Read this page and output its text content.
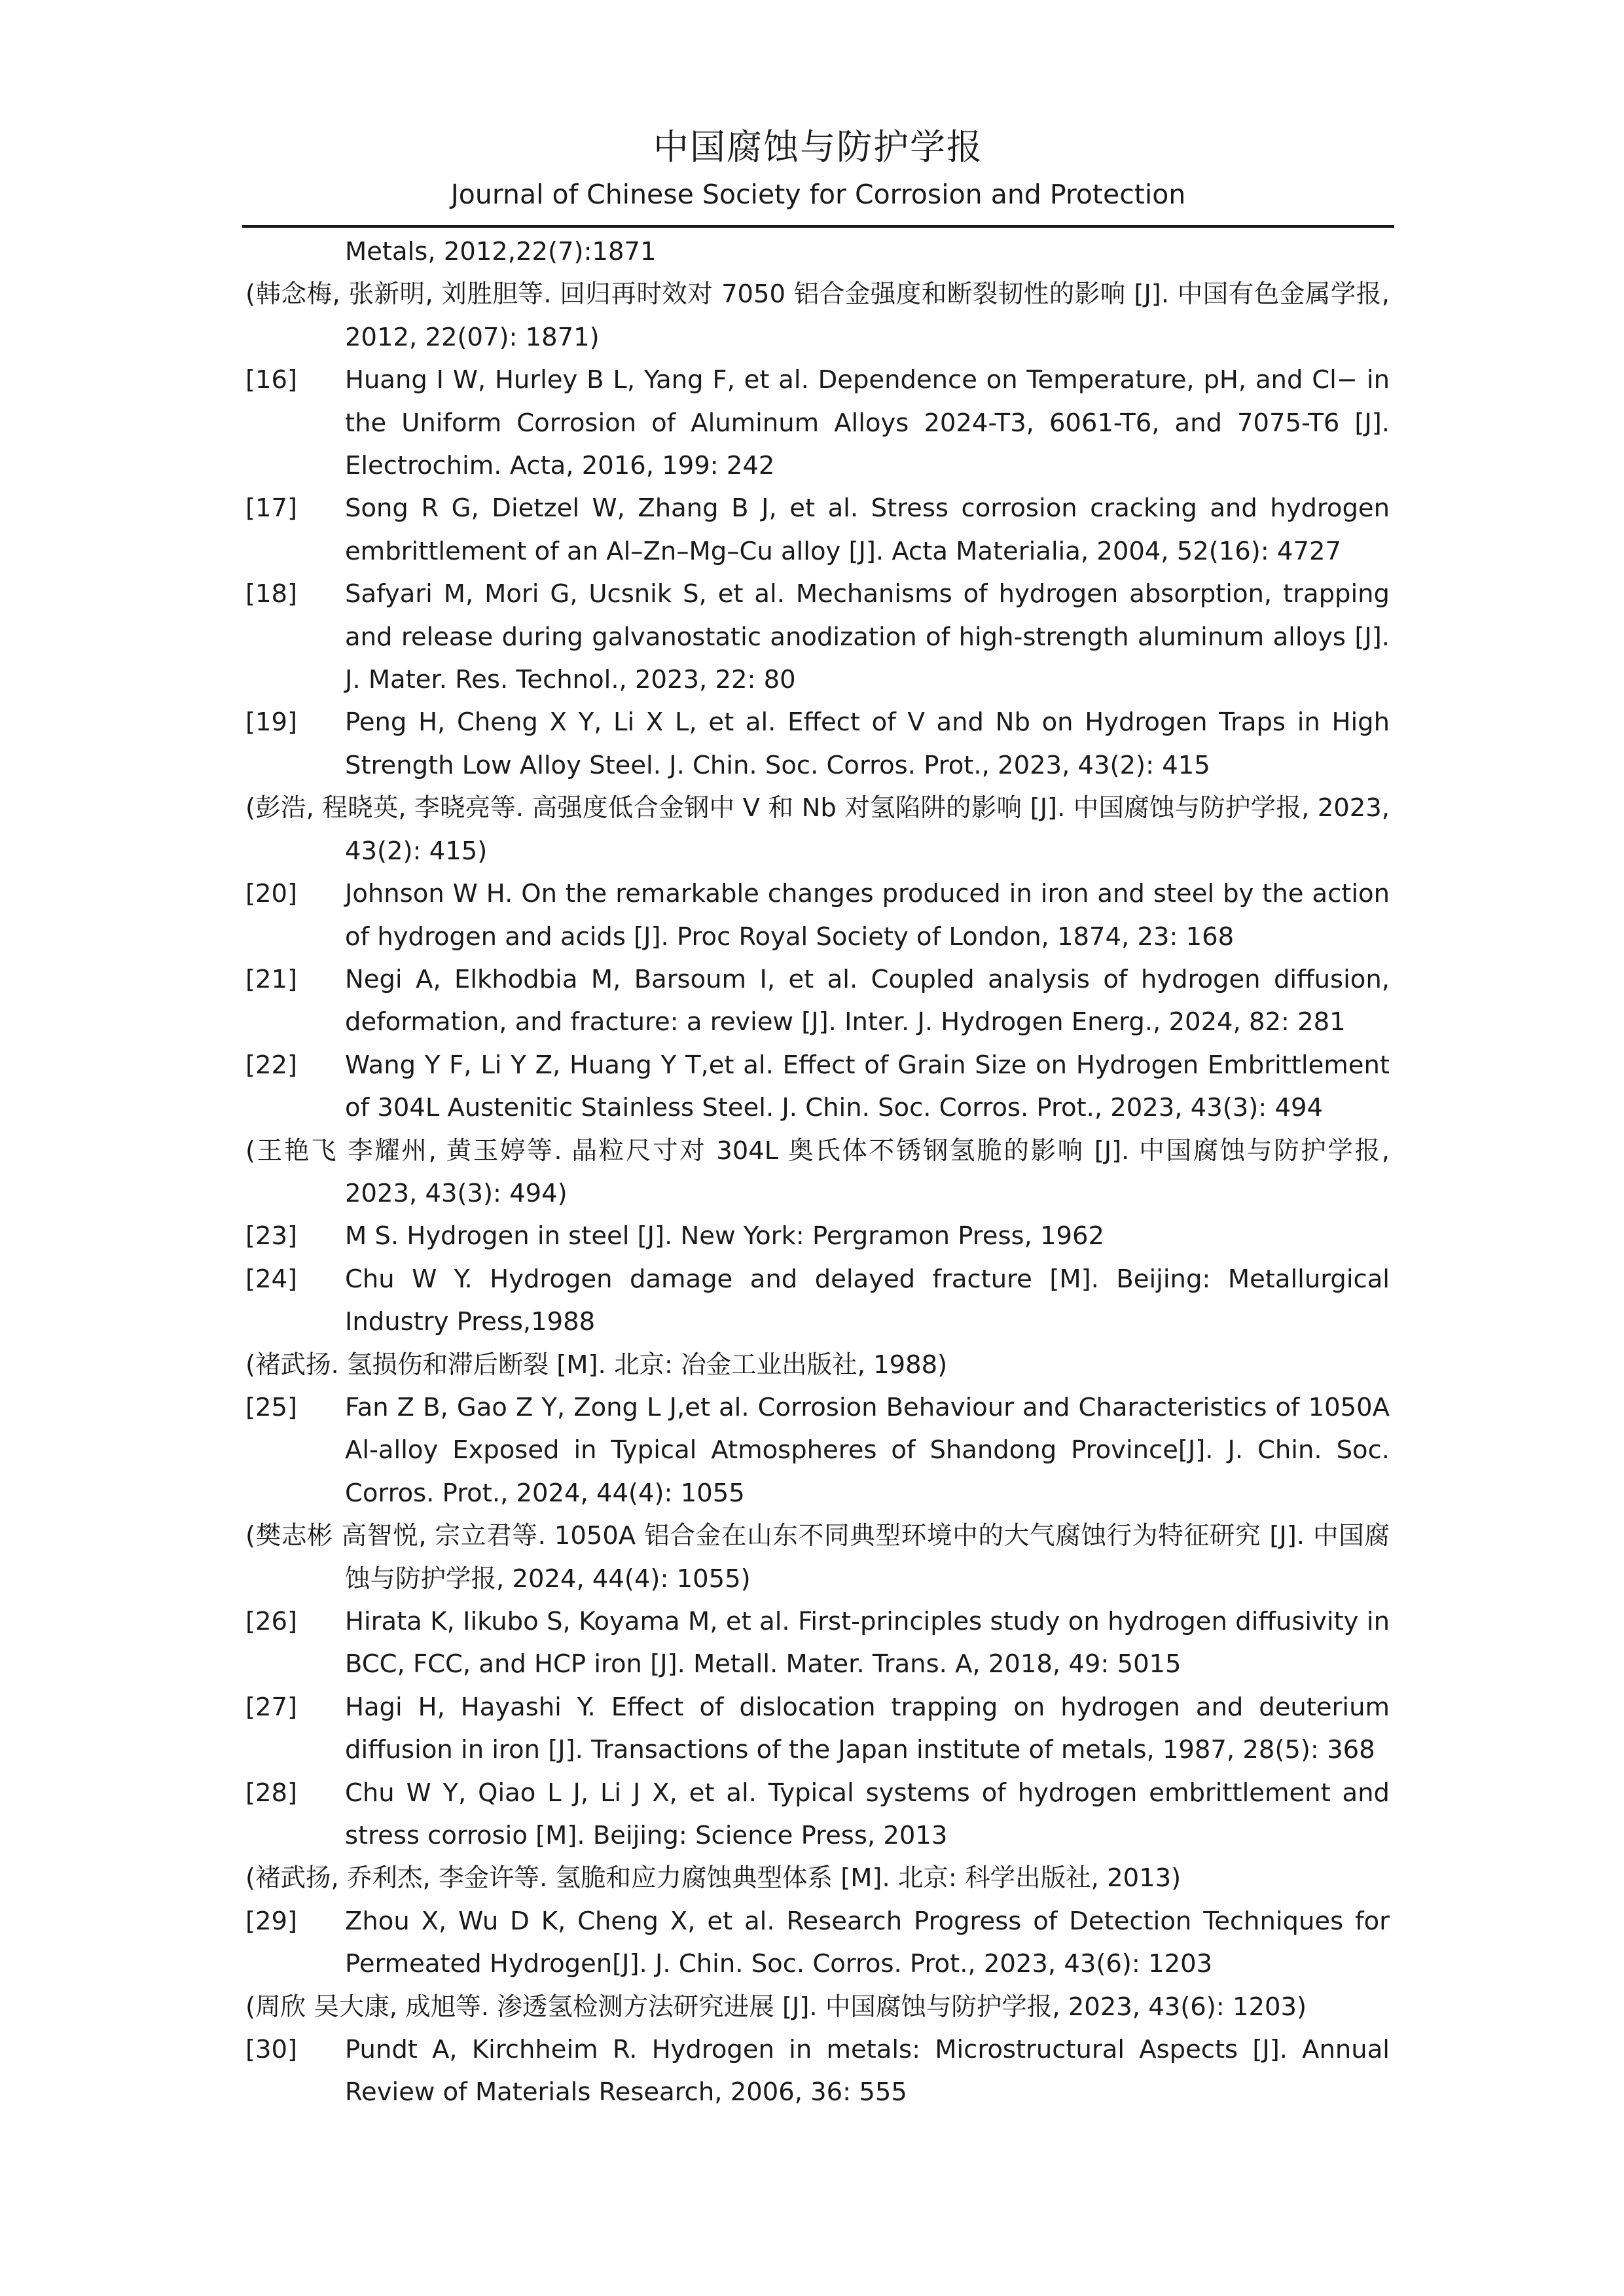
中国腐蚀与防护学报
Journal of Chinese Society for Corrosion and Protection
Metals, 2012,22(7):1871
(韩念梅, 张新明, 刘胜胆等. 回归再时效对 7050 铝合金强度和断裂韧性的影响 [J]. 中国有色金属学报, 2012, 22(07): 1871)
[16]	Huang I W, Hurley B L, Yang F, et al. Dependence on Temperature, pH, and Cl− in the Uniform Corrosion of Aluminum Alloys 2024-T3, 6061-T6, and 7075-T6 [J]. Electrochim. Acta, 2016, 199: 242
[17]	Song R G, Dietzel W, Zhang B J, et al. Stress corrosion cracking and hydrogen embrittlement of an Al–Zn–Mg–Cu alloy [J]. Acta Materialia, 2004, 52(16): 4727
[18]	Safyari M, Mori G, Ucsnik S, et al. Mechanisms of hydrogen absorption, trapping and release during galvanostatic anodization of high-strength aluminum alloys [J]. J. Mater. Res. Technol., 2023, 22: 80
[19]	Peng H, Cheng X Y, Li X L, et al. Effect of V and Nb on Hydrogen Traps in High Strength Low Alloy Steel. J. Chin. Soc. Corros. Prot., 2023, 43(2): 415
(彭浩, 程晓英, 李晓亮等. 高强度低合金钢中 V 和 Nb 对氢陷阱的影响 [J]. 中国腐蚀与防护学报, 2023, 43(2): 415)
[20]	Johnson W H. On the remarkable changes produced in iron and steel by the action of hydrogen and acids [J]. Proc Royal Society of London, 1874, 23: 168
[21]	Negi A, Elkhodbia M, Barsoum I, et al. Coupled analysis of hydrogen diffusion, deformation, and fracture: a review [J]. Inter. J. Hydrogen Energ., 2024, 82: 281
[22]	Wang Y F, Li Y Z, Huang Y T,et al. Effect of Grain Size on Hydrogen Embrittlement of 304L Austenitic Stainless Steel. J. Chin. Soc. Corros. Prot., 2023, 43(3): 494
(王艳飞 李耀州, 黄玉婷等. 晶粒尺寸对 304L 奥氏体不锈钢氢脆的影响 [J]. 中国腐蚀与防护学报, 2023, 43(3): 494)
[23]	M S. Hydrogen in steel [J]. New York: Pergramon Press, 1962
[24]	Chu W Y. Hydrogen damage and delayed fracture [M]. Beijing: Metallurgical Industry Press,1988
(褚武扬. 氢损伤和滞后断裂 [M]. 北京: 冶金工业出版社, 1988)
[25]	Fan Z B, Gao Z Y, Zong L J,et al. Corrosion Behaviour and Characteristics of 1050A Al-alloy Exposed in Typical Atmospheres of Shandong Province[J]. J. Chin. Soc. Corros. Prot., 2024, 44(4): 1055
(樊志彬 高智悦, 宗立君等. 1050A 铝合金在山东不同典型环境中的大气腐蚀行为特征研究 [J]. 中国腐蚀与防护学报, 2024, 44(4): 1055)
[26]	Hirata K, Iikubo S, Koyama M, et al. First-principles study on hydrogen diffusivity in BCC, FCC, and HCP iron [J]. Metall. Mater. Trans. A, 2018, 49: 5015
[27]	Hagi H, Hayashi Y. Effect of dislocation trapping on hydrogen and deuterium diffusion in iron [J]. Transactions of the Japan institute of metals, 1987, 28(5): 368
[28]	Chu W Y, Qiao L J, Li J X, et al. Typical systems of hydrogen embrittlement and stress corrosio [M]. Beijing: Science Press, 2013
(褚武扬, 乔利杰, 李金许等. 氢脆和应力腐蚀典型体系 [M]. 北京: 科学出版社, 2013)
[29]	Zhou X, Wu D K, Cheng X, et al. Research Progress of Detection Techniques for Permeated Hydrogen[J]. J. Chin. Soc. Corros. Prot., 2023, 43(6): 1203
(周欣 吴大康, 成旭等. 渗透氢检测方法研究进展 [J]. 中国腐蚀与防护学报, 2023, 43(6): 1203)
[30]	Pundt A, Kirchheim R. Hydrogen in metals: Microstructural Aspects [J]. Annual Review of Materials Research, 2006, 36: 555
